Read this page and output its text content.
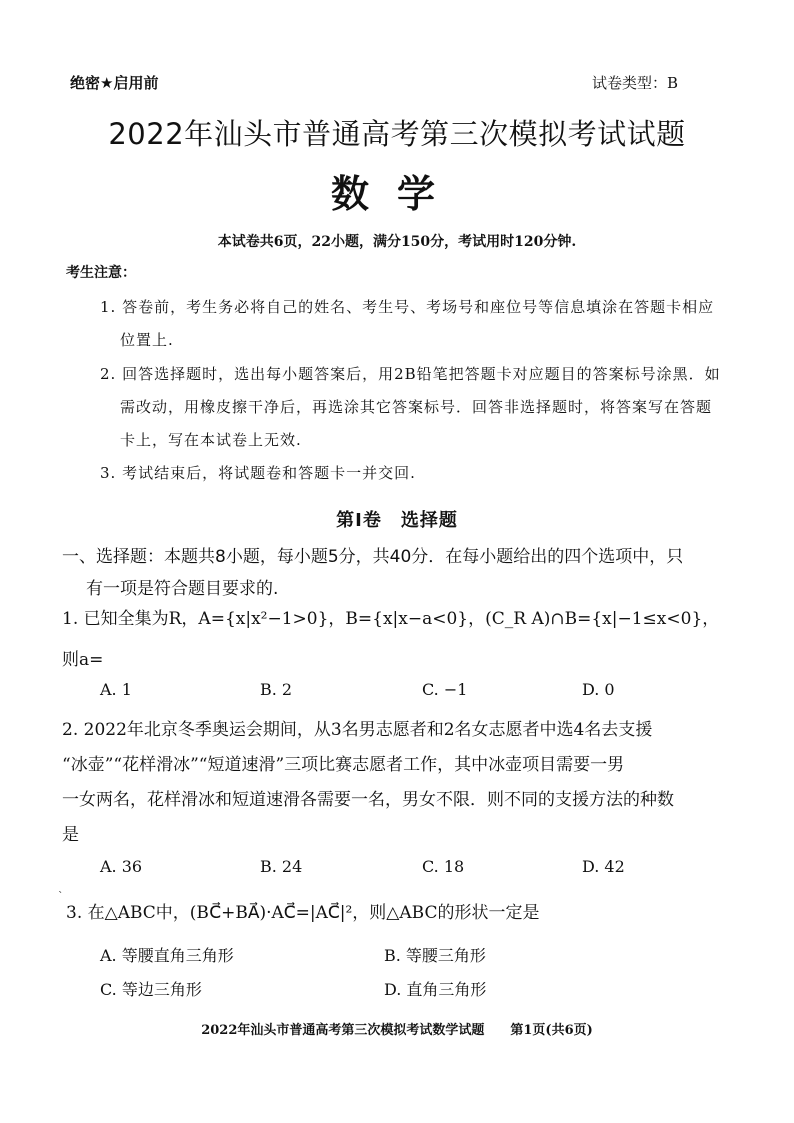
绝密★启用前	试卷类型：B
2022年汕头市普通高考第三次模拟考试试题
数学
本试卷共6页，22小题，满分150分，考试用时120分钟.
考生注意：
1. 答卷前，考生务必将自己的姓名、考生号、考场号和座位号等信息填涂在答题卡相应
位置上.
2. 回答选择题时，选出每小题答案后，用2B铅笔把答题卡对应题目的答案标号涂黑．如
需改动，用橡皮擦干净后，再选涂其它答案标号．回答非选择题时，将答案写在答题
卡上，写在本试卷上无效.
3. 考试结束后，将试题卷和答题卡一并交回.
第Ⅰ卷　选择题
一、选择题：本题共8小题，每小题5分，共40分．在每小题给出的四个选项中，只
有一项是符合题目要求的.
1. 已知全集为R，A={x|x²−1>0}，B={x|x−a<0}，(C_R A)∩B={x|−1≤x<0}，
则a=
A. 1	B. 2	C. −1	D. 0
2. 2022年北京冬季奥运会期间，从3名男志愿者和2名女志愿者中选4名去支援
“冰壶”“花样滑冰”“短道速滑”三项比赛志愿者工作，其中冰壶项目需要一男
一女两名，花样滑冰和短道速滑各需要一名，男女不限．则不同的支援方法的种数
是
A. 36	B. 24	C. 18	D. 42
ˋ
3. 在△ABC中，(BC⃗+BA⃗)·AC⃗=|AC⃗|²，则△ABC的形状一定是
A. 等腰直角三角形	B. 等腰三角形
C. 等边三角形	D. 直角三角形
2022年汕头市普通高考第三次模拟考试数学试题　　第1页(共6页)
